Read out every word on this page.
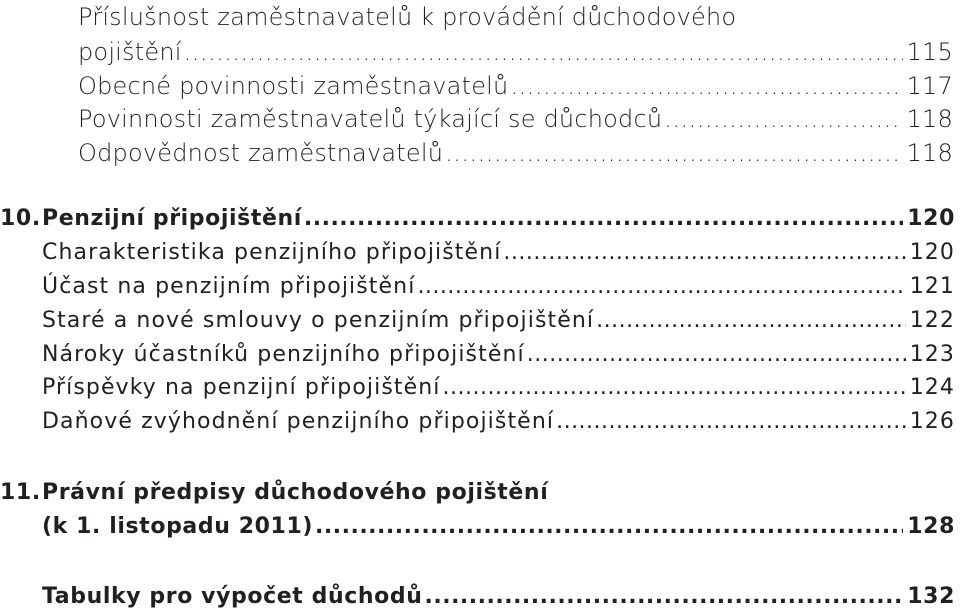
Příslušnost zaměstnavatelů k provádění důchodového
pojištění .....	115
Obecné povinnosti zaměstnavatelů .....	117
Povinnosti zaměstnavatelů týkající se důchodců .....	118
Odpovědnost zaměstnavatelů .....	118
10. Penzijní připojištění .....	120
Charakteristika penzijního připojištění .....	120
Účast na penzijním připojištění .....	121
Staré a nové smlouvy o penzijním připojištění .....	122
Nároky účastníků penzijního připojištění .....	123
Příspěvky na penzijní připojištění .....	124
Daňové zvýhodnění penzijního připojištění .....	126
11.Právní předpisy důchodového pojištění
(k 1. listopadu 2011) .....	128
Tabulky pro výpočet důchodů .....	132
